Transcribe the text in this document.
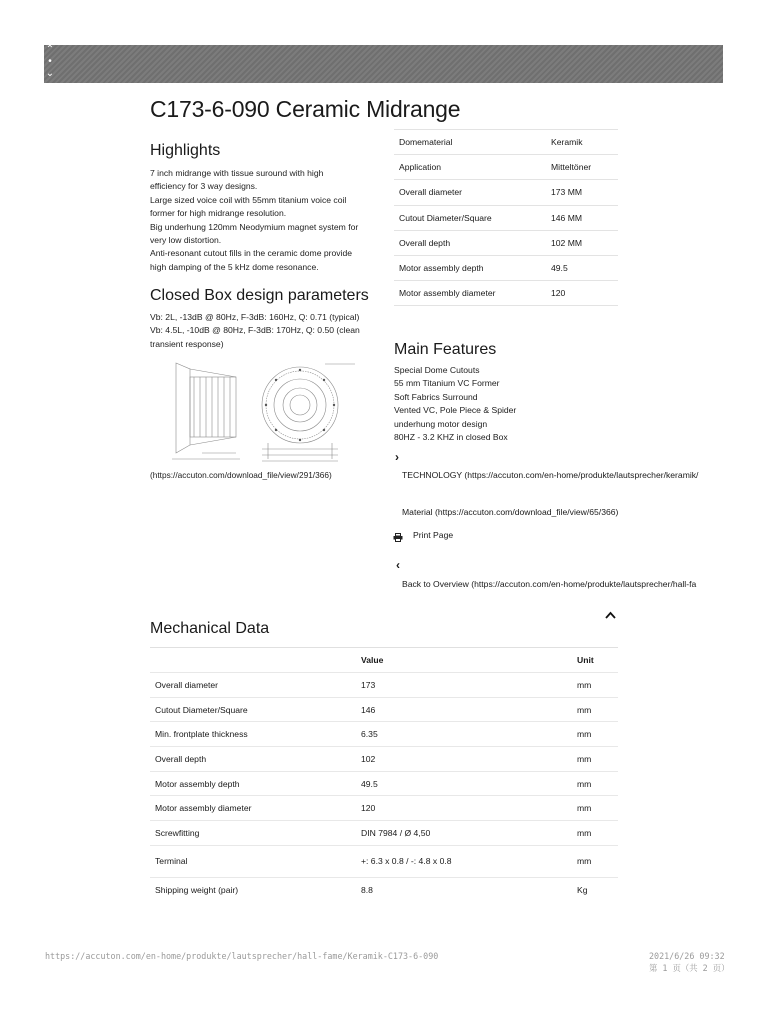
⌃
•
⌄
C173-6-090 Ceramic Midrange
Highlights
7 inch midrange with tissue suround with high
efficiency for 3 way designs.
Large sized voice coil with 55mm titanium voice coil
former for high midrange resolution.
Big underhung 120mm Neodymium magnet system for
very low distortion.
Anti-resonant cutout fills in the ceramic dome provide
high damping of the 5 kHz dome resonance.
Closed Box design parameters
Vb: 2L, -13dB @ 80Hz, F-3dB: 160Hz, Q: 0.71 (typical)
Vb: 4.5L, -10dB @ 80Hz, F-3dB: 170Hz, Q: 0.50 (clean
transient response)
(https://accuton.com/download_file/view/291/366)
Domematerial	Keramik
Application	Mitteltöner
Overall diameter	173 MM
Cutout Diameter/Square	146 MM
Overall depth	102 MM
Motor assembly depth	49.5
Motor assembly diameter	120
Main Features
Special Dome Cutouts
55 mm Titanium VC Former
Soft Fabrics Surround
Vented VC, Pole Piece & Spider
underhung motor design
80HZ - 3.2 KHZ in closed Box
›
TECHNOLOGY (https://accuton.com/en-home/produkte/lautsprecher/keramik/
Material (https://accuton.com/download_file/view/65/366)
Print Page
‹
Back to Overview (https://accuton.com/en-home/produkte/lautsprecher/hall-fa
Mechanical Data
	Value	Unit
Overall diameter	173	mm
Cutout Diameter/Square	146	mm
Min. frontplate thickness	6.35	mm
Overall depth	102	mm
Motor assembly depth	49.5	mm
Motor assembly diameter	120	mm
Screwfitting	DIN 7984 / Ø 4,50	mm
Terminal	+: 6.3 x 0.8 / -: 4.8 x 0.8	mm
Shipping weight (pair)	8.8	Kg
https://accuton.com/en-home/produkte/lautsprecher/hall-fame/Keramik-C173-6-090	2021/6/26 09:32
第 1 页（共 2 页）
